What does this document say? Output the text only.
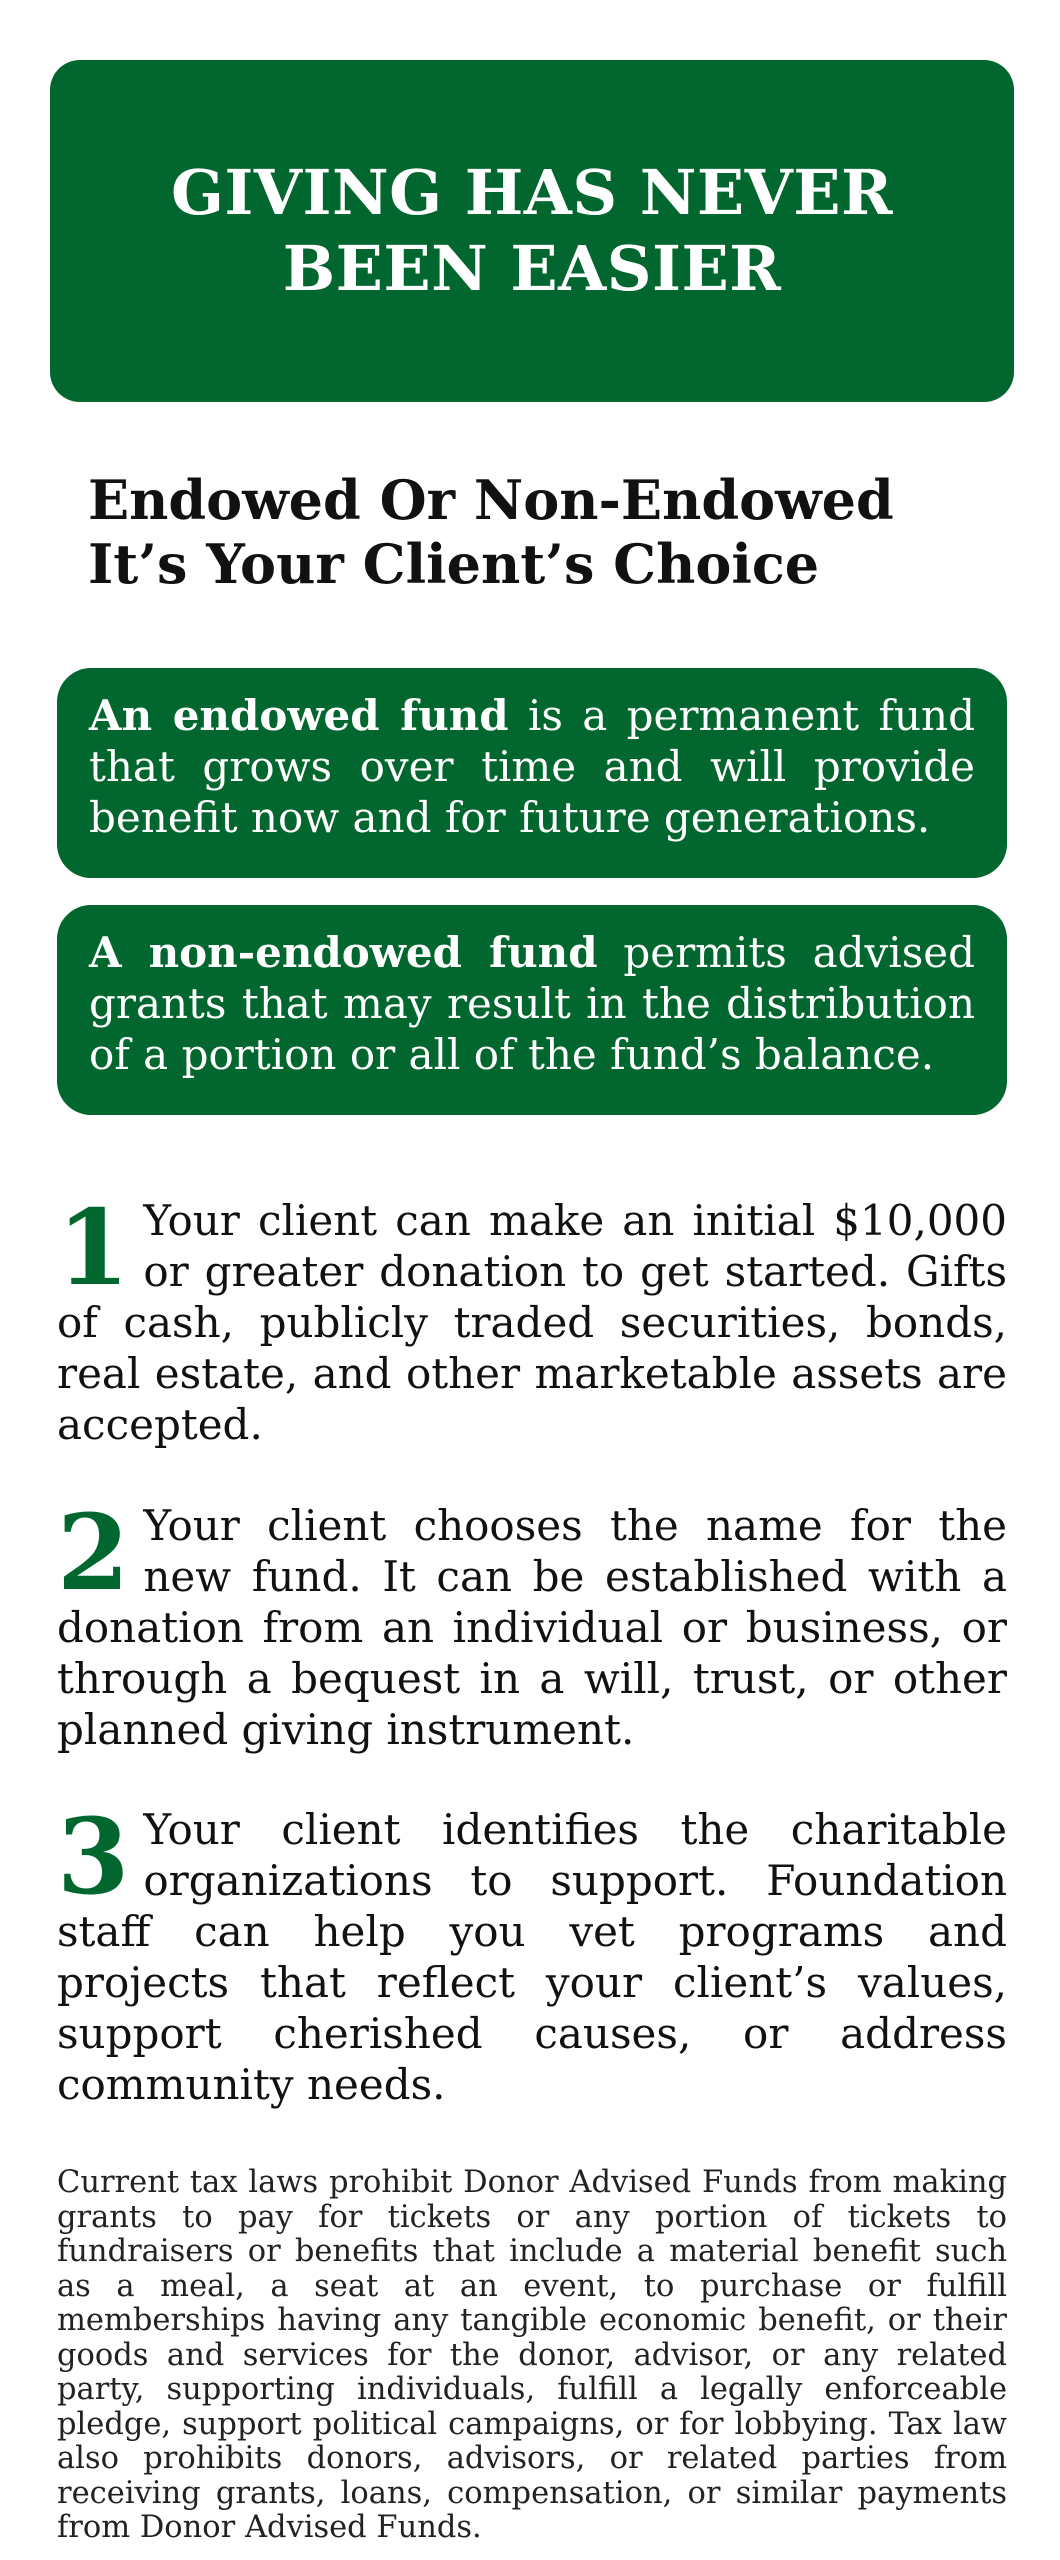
GIVING HAS NEVER
BEEN EASIER
Endowed Or Non-Endowed
It’s Your Client’s Choice
An endowed fund is a permanent fund that grows over time and will provide benefit now and for future generations.
A non-endowed fund permits advised grants that may result in the distribution of a portion or all of the fund’s balance.

1 Your client can make an initial $10,000 or greater donation to get started. Gifts of cash, publicly traded securities, bonds, real estate, and other marketable assets are accepted.

2 Your client chooses the name for the new fund. It can be established with a donation from an individual or business, or through a bequest in a will, trust, or other planned giving instrument.

3 Your client identifies the charitable organizations to support. Foundation staff can help you vet programs and projects that reflect your client’s values, support cherished causes, or address community needs.

Current tax laws prohibit Donor Advised Funds from making grants to pay for tickets or any portion of tickets to fundraisers or benefits that include a material benefit such as a meal, a seat at an event, to purchase or fulfill memberships having any tangible economic benefit, or their goods and services for the donor, advisor, or any related party, supporting individuals, fulfill a legally enforceable pledge, support political campaigns, or for lobbying. Tax law also prohibits donors, advisors, or related parties from receiving grants, loans, compensation, or similar payments from Donor Advised Funds.
